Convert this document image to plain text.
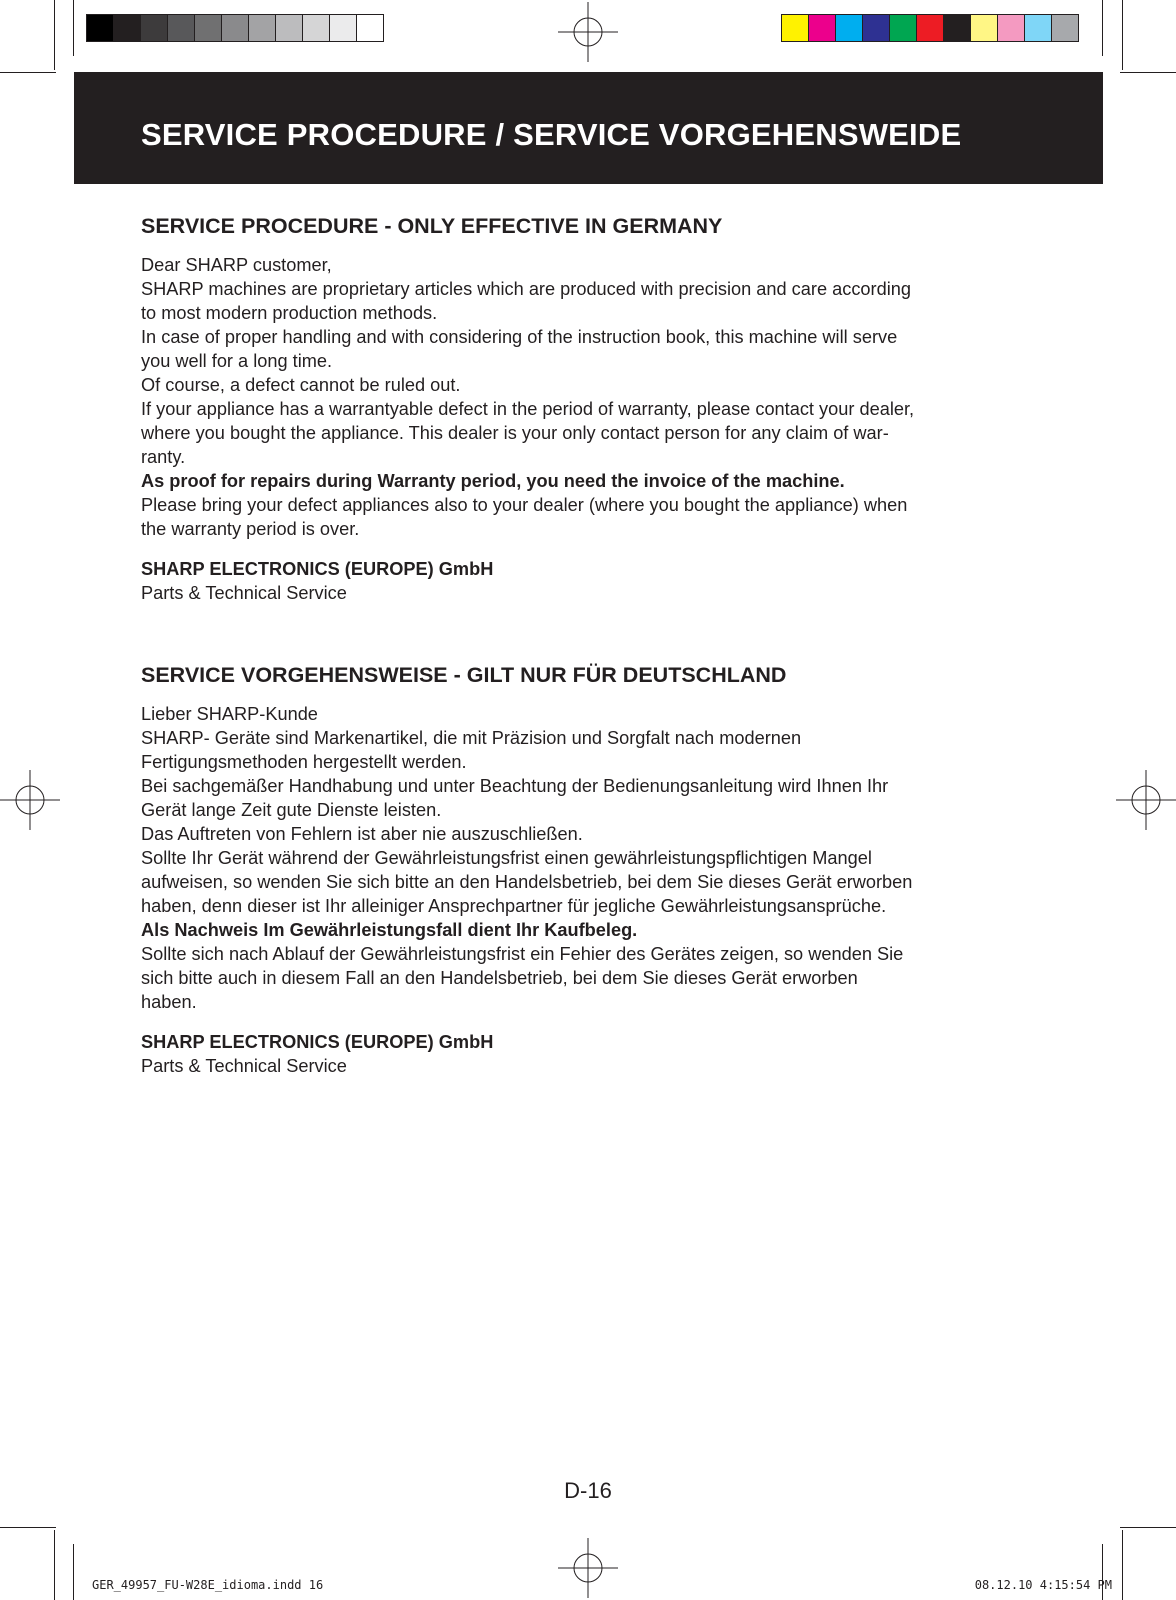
SERVICE PROCEDURE / SERVICE VORGEHENSWEIDE
SERVICE PROCEDURE - ONLY EFFECTIVE IN GERMANY

Dear SHARP customer,

SHARP machines are proprietary articles which are produced with precision and care according

to most modern production methods.

In case of proper handling and with considering of the instruction book, this machine will serve

you well for a long time.

Of course, a defect cannot be ruled out.

If your appliance has a warrantyable defect in the period of warranty, please contact your dealer,

where you bought the appliance. This dealer is your only contact person for any claim of war-

ranty.

As proof for repairs during Warranty period, you need the invoice of the machine.

Please bring your defect appliances also to your dealer (where you bought the appliance) when

the warranty period is over.

SHARP ELECTRONICS (EUROPE) GmbH

Parts & Technical Service

SERVICE VORGEHENSWEISE - GILT NUR FÜR DEUTSCHLAND

Lieber SHARP-Kunde

SHARP- Geräte sind Markenartikel, die mit Präzision und Sorgfalt nach modernen

Fertigungsmethoden hergestellt werden.

Bei sachgemäßer Handhabung und unter Beachtung der Bedienungsanleitung wird Ihnen Ihr

Gerät lange Zeit gute Dienste leisten.

Das Auftreten von Fehlern ist aber nie auszuschließen.

Sollte Ihr Gerät während der Gewährleistungsfrist einen gewährleistungspflichtigen Mangel

aufweisen, so wenden Sie sich bitte an den Handelsbetrieb, bei dem Sie dieses Gerät erworben

haben, denn dieser ist Ihr alleiniger Ansprechpartner für jegliche Gewährleistungsansprüche.

Als Nachweis Im Gewährleistungsfall dient Ihr Kaufbeleg.

Sollte sich nach Ablauf der Gewährleistungsfrist ein Fehier des Gerätes zeigen, so wenden Sie

sich bitte auch in diesem Fall an den Handelsbetrieb, bei dem Sie dieses Gerät erworben

haben.

SHARP ELECTRONICS (EUROPE) GmbH

Parts & Technical Service

D-16
GER_49957_FU-W28E_idioma.indd 16	08.12.10 4:15:54 PM
